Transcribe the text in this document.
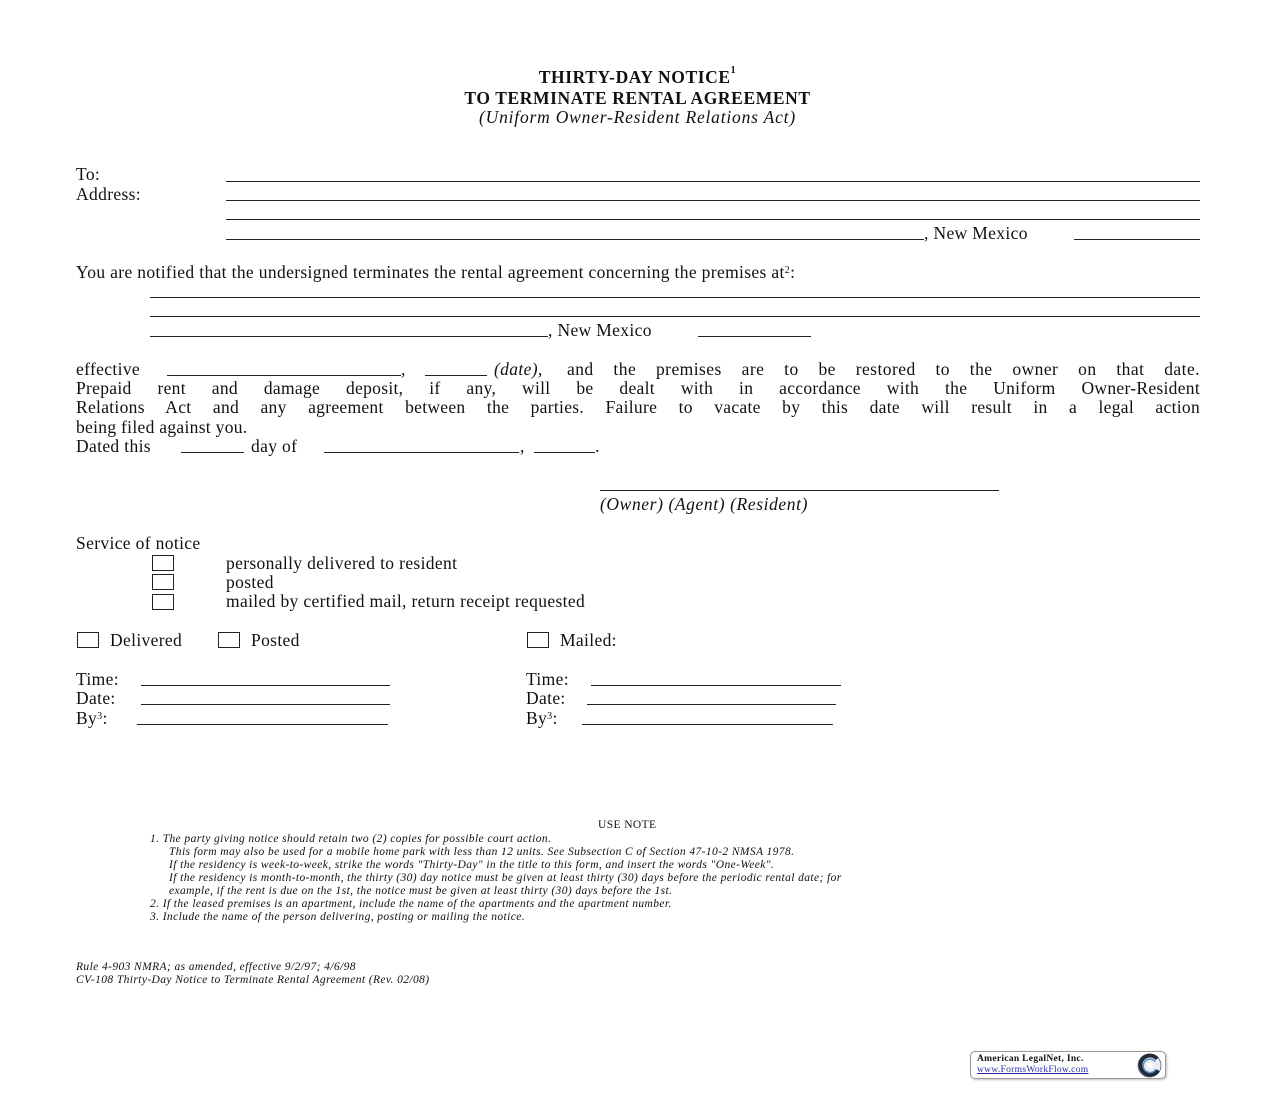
THIRTY-DAY NOTICE$^1$
TO TERMINATE RENTAL AGREEMENT
(Uniform Owner-Resident Relations Act)
To:
Address:
, New Mexico
You are notified that the undersigned terminates the rental agreement concerning the premises $at^2$:
, New Mexico
effective	,	(date), and the premises are to be restored to the owner on that date.
Prepaid rent and damage deposit, if any, will be dealt with in accordance with the Uniform Owner-Resident
Relations Act and any agreement between the parties. Failure to vacate by this date will result in a legal action
being filed against you.
Dated this	day of	,	.
(Owner) (Agent) (Resident)
Service of notice
personally delivered to resident
posted
mailed by certified mail, return receipt requested
Delivered	Posted
Time:
Date:
By$^3$:
Mailed:
Time:
Date:
By$^3$:
USE NOTE
1. The party giving notice should retain two (2) copies for possible court action.
This form may also be used for a mobile home park with less than 12 units. See Subsection C of Section 47-10-2 NMSA 1978.
If the residency is week-to-week, strike the words "Thirty-Day" in the title to this form, and insert the words "One-Week".
If the residency is month-to-month, the thirty (30) day notice must be given at least thirty (30) days before the periodic rental date; for
example, if the rent is due on the 1st, the notice must be given at least thirty (30) days before the 1st.
2. If the leased premises is an apartment, include the name of the apartments and the apartment number.
3. Include the name of the person delivering, posting or mailing the notice.
Rule 4-903 NMRA; as amended, effective 9/2/97; 4/6/98
CV-108 Thirty-Day Notice to Terminate Rental Agreement (Rev. 02/08)
American LegalNet, Inc.
www.FormsWorkFlow.com
